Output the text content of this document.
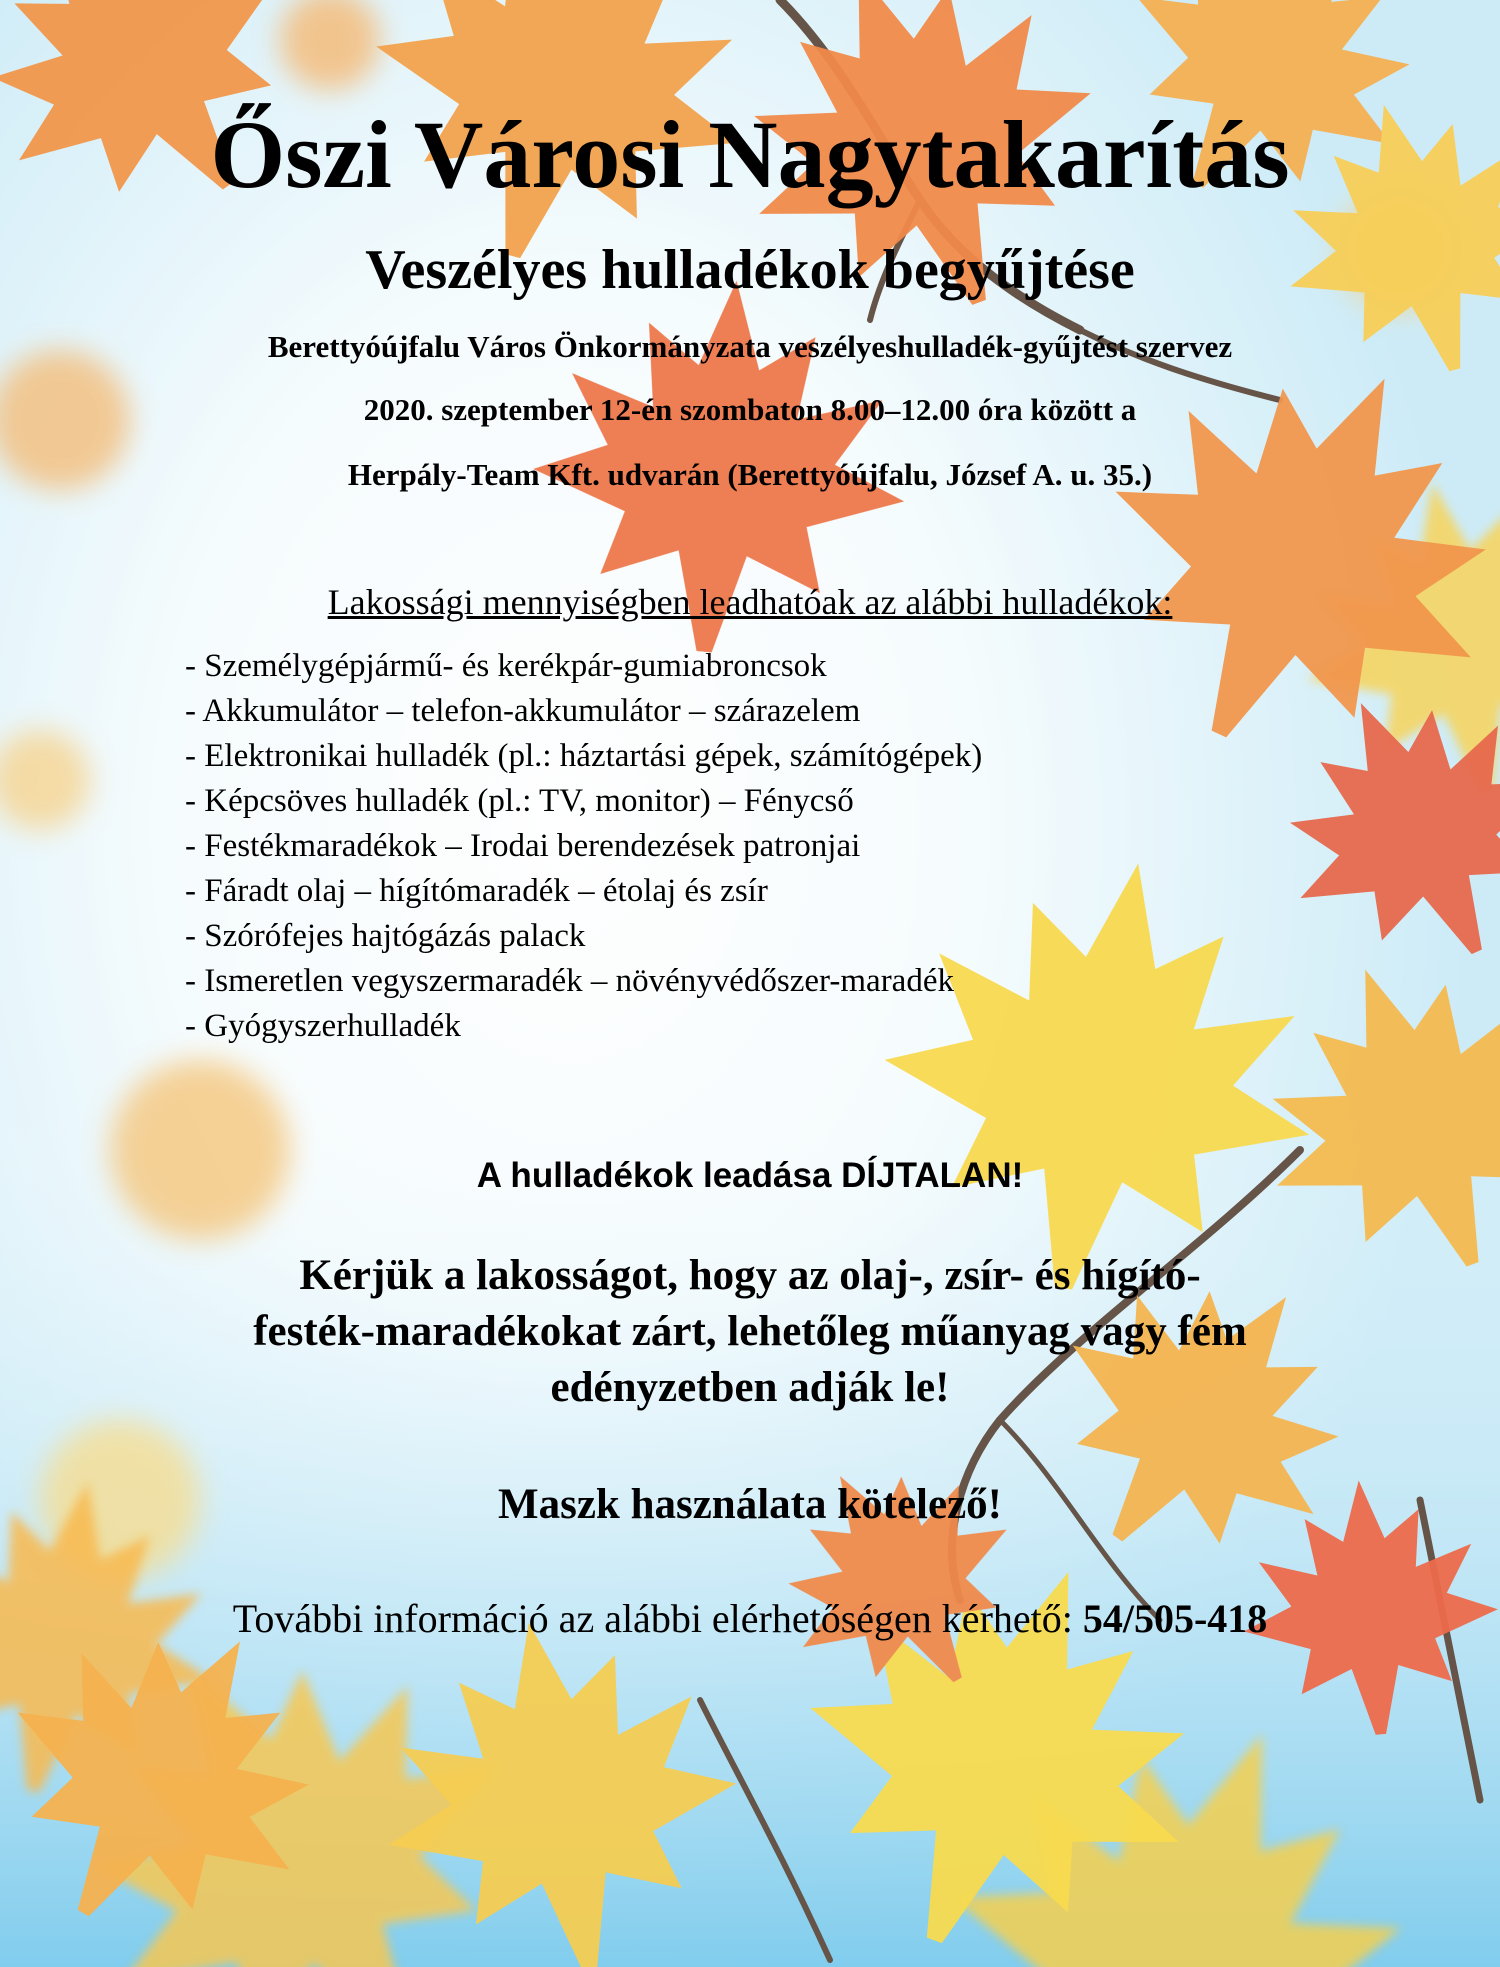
Őszi Városi Nagytakarítás
Veszélyes hulladékok begyűjtése

Berettyóújfalu Város Önkormányzata veszélyeshulladék-gyűjtést szervez

2020. szeptember 12-én szombaton 8.00–12.00 óra között a

Herpály-Team Kft. udvarán (Berettyóújfalu, József A. u. 35.)

Lakossági mennyiségben leadhatóak az alábbi hulladékok:

- Személygépjármű- és kerékpár-gumiabroncsok
- Akkumulátor – telefon-akkumulátor – szárazelem
- Elektronikai hulladék (pl.: háztartási gépek, számítógépek)
- Képcsöves hulladék (pl.: TV, monitor) – Fénycső
- Festékmaradékok – Irodai berendezések patronjai
- Fáradt olaj – hígítómaradék – étolaj és zsír
- Szórófejes hajtógázás palack
- Ismeretlen vegyszermaradék – növényvédőszer-maradék
- Gyógyszerhulladék

A hulladékok leadása DÍJTALAN!

Kérjük a lakosságot, hogy az olaj-, zsír- és hígító-
festék-maradékokat zárt, lehetőleg műanyag vagy fém
edényzetben adják le!

Maszk használata kötelező!

További információ az alábbi elérhetőségen kérhető: 54/505-418
